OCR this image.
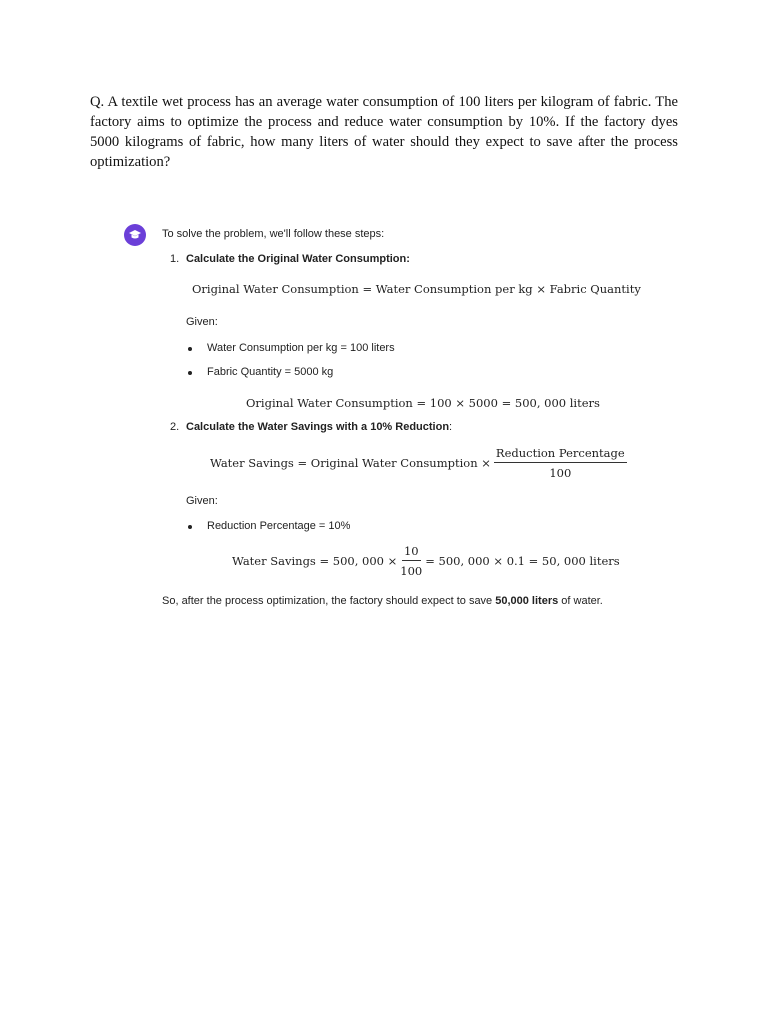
Q. A textile wet process has an average water consumption of 100 liters per kilogram of fabric. The factory aims to optimize the process and reduce water consumption by 10%. If the factory dyes 5000 kilograms of fabric, how many liters of water should they expect to save after the process optimization?
To solve the problem, we'll follow these steps:
1. Calculate the Original Water Consumption:
Original Water Consumption = Water Consumption per kg × Fabric Quantity
Given:
Water Consumption per kg = 100 liters
Fabric Quantity = 5000 kg
Original Water Consumption = 100 × 5000 = 500, 000 liters
2. Calculate the Water Savings with a 10% Reduction:
Water Savings = Original Water Consumption × $\frac{\text{Reduction Percentage}}{100}$
Given:
Reduction Percentage = 10%
Water Savings = 500, $000 \times \frac{10}{100} = 500$, 000 × 0.1 = 50, 000 liters
So, after the process optimization, the factory should expect to save 50,000 liters of water.
